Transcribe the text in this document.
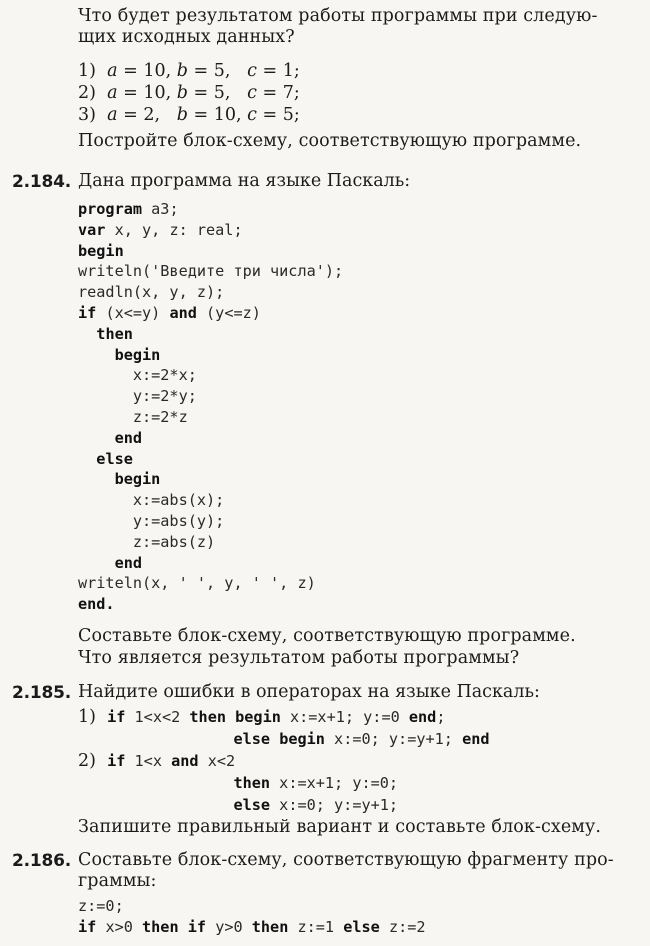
Что будет результатом работы программы при следую-
щих исходных данных?
1)  a = 10, b = 5,   c = 1;
2)  a = 10, b = 5,   c = 7;
3)  a = 2,   b = 10, c = 5;
Постройте блок-схему, соответствующую программе.
2.184. Дана программа на языке Паскаль:
program a3;
var x, y, z: real;
begin
writeln('Введите три числа');
readln(x, y, z);
if (x<=y) and (y<=z)
then
begin
x:=2*x;
y:=2*y;
z:=2*z
end
else
begin
x:=abs(x);
y:=abs(y);
z:=abs(z)
end
writeln(x, ' ', y, ' ', z)
end.
Составьте блок-схему, соответствующую программе.
Что является результатом работы программы?
2.185. Найдите ошибки в операторах на языке Паскаль:
1)  if 1<x<2 then begin x:=x+1; y:=0 end;
else begin x:=0; y:=y+1; end
2)  if 1<x and x<2
then x:=x+1; y:=0;
else x:=0; y:=y+1;
Запишите правильный вариант и составьте блок-схему.
2.186. Составьте блок-схему, соответствующую фрагменту про-
граммы:
z:=0;
if x>0 then if y>0 then z:=1 else z:=2
